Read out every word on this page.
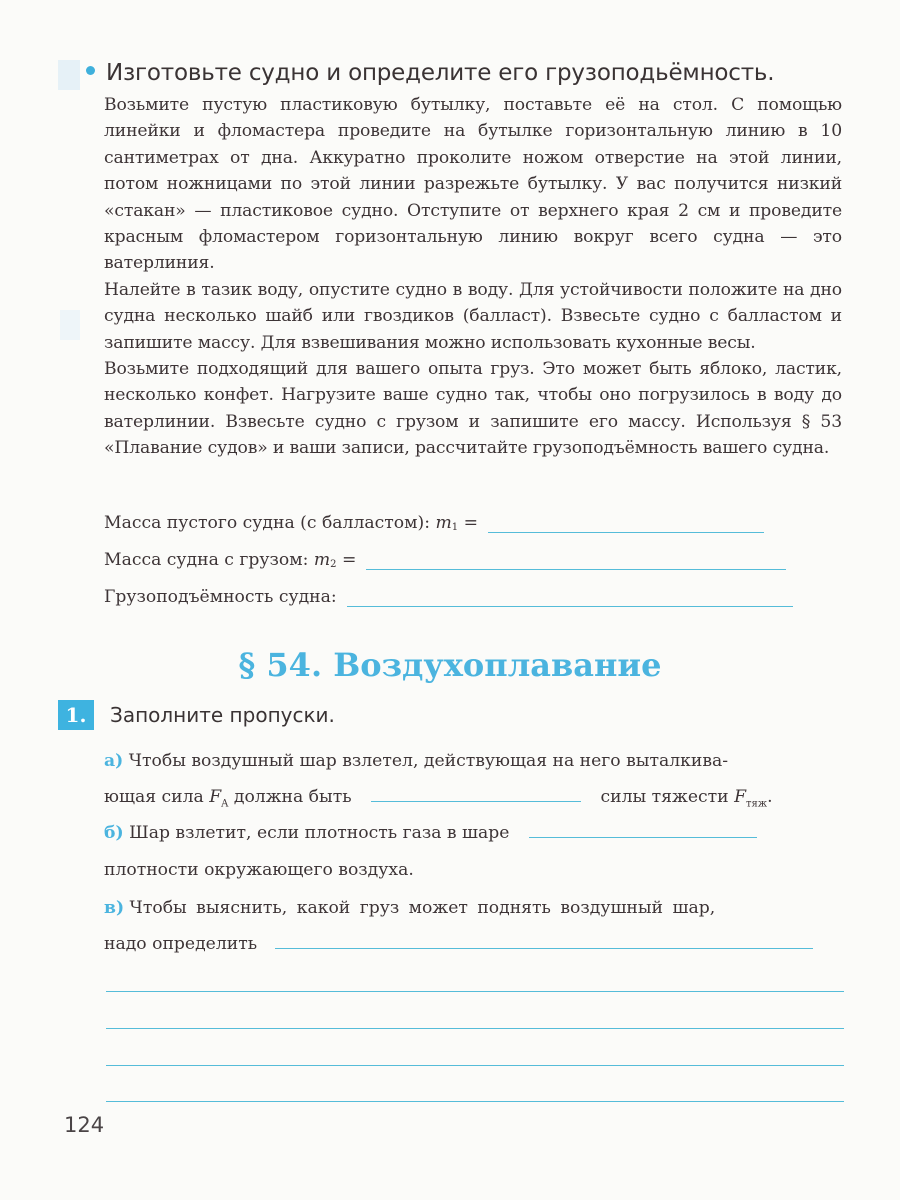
Изготовьте судно и определите его грузоподьёмность.

Возьмите пустую пластиковую бутылку, поставьте её на стол. С помощью линейки и фломастера проведите на бутылке горизонтальную линию в 10 сантиметрах от дна. Аккуратно проколите ножом отверстие на этой линии, потом ножницами по этой линии разрежьте бутылку. У вас получится низкий «стакан» — пластиковое судно. Отступите от верхнего края 2 см и проведите красным фломастером горизонтальную линию вокруг всего судна — это ватерлиния.

Налейте в тазик воду, опустите судно в воду. Для устойчивости положите на дно судна несколько шайб или гвоздиков (балласт). Взвесьте судно с балластом и запишите массу. Для взвешивания можно использовать кухонные весы.

Возьмите подходящий для вашего опыта груз. Это может быть яблоко, ластик, несколько конфет. Нагрузите ваше судно так, чтобы оно погрузилось в воду до ватерлинии. Взвесьте судно с грузом и запишите его массу. Используя § 53 «Плавание судов» и ваши записи, рассчитайте грузоподъёмность вашего судна.

Масса пустого судна (с балластом):
$m_1$
=
Масса судна с грузом:
$m_2$
=
Грузоподъёмность судна:
§ 54. Воздухоплавание
1.	Заполните пропуски.
а) Чтобы воздушный шар взлетел, действующая на него выталкива-
ющая сила $F_A$ должна быть	силы тяжести $F_{тяж}$.
б) Шар взлетит, если плотность газа в шаре
плотности окружающего воздуха.
в) Чтобы выяснить, какой груз может поднять воздушный шар,
надо определить
124
